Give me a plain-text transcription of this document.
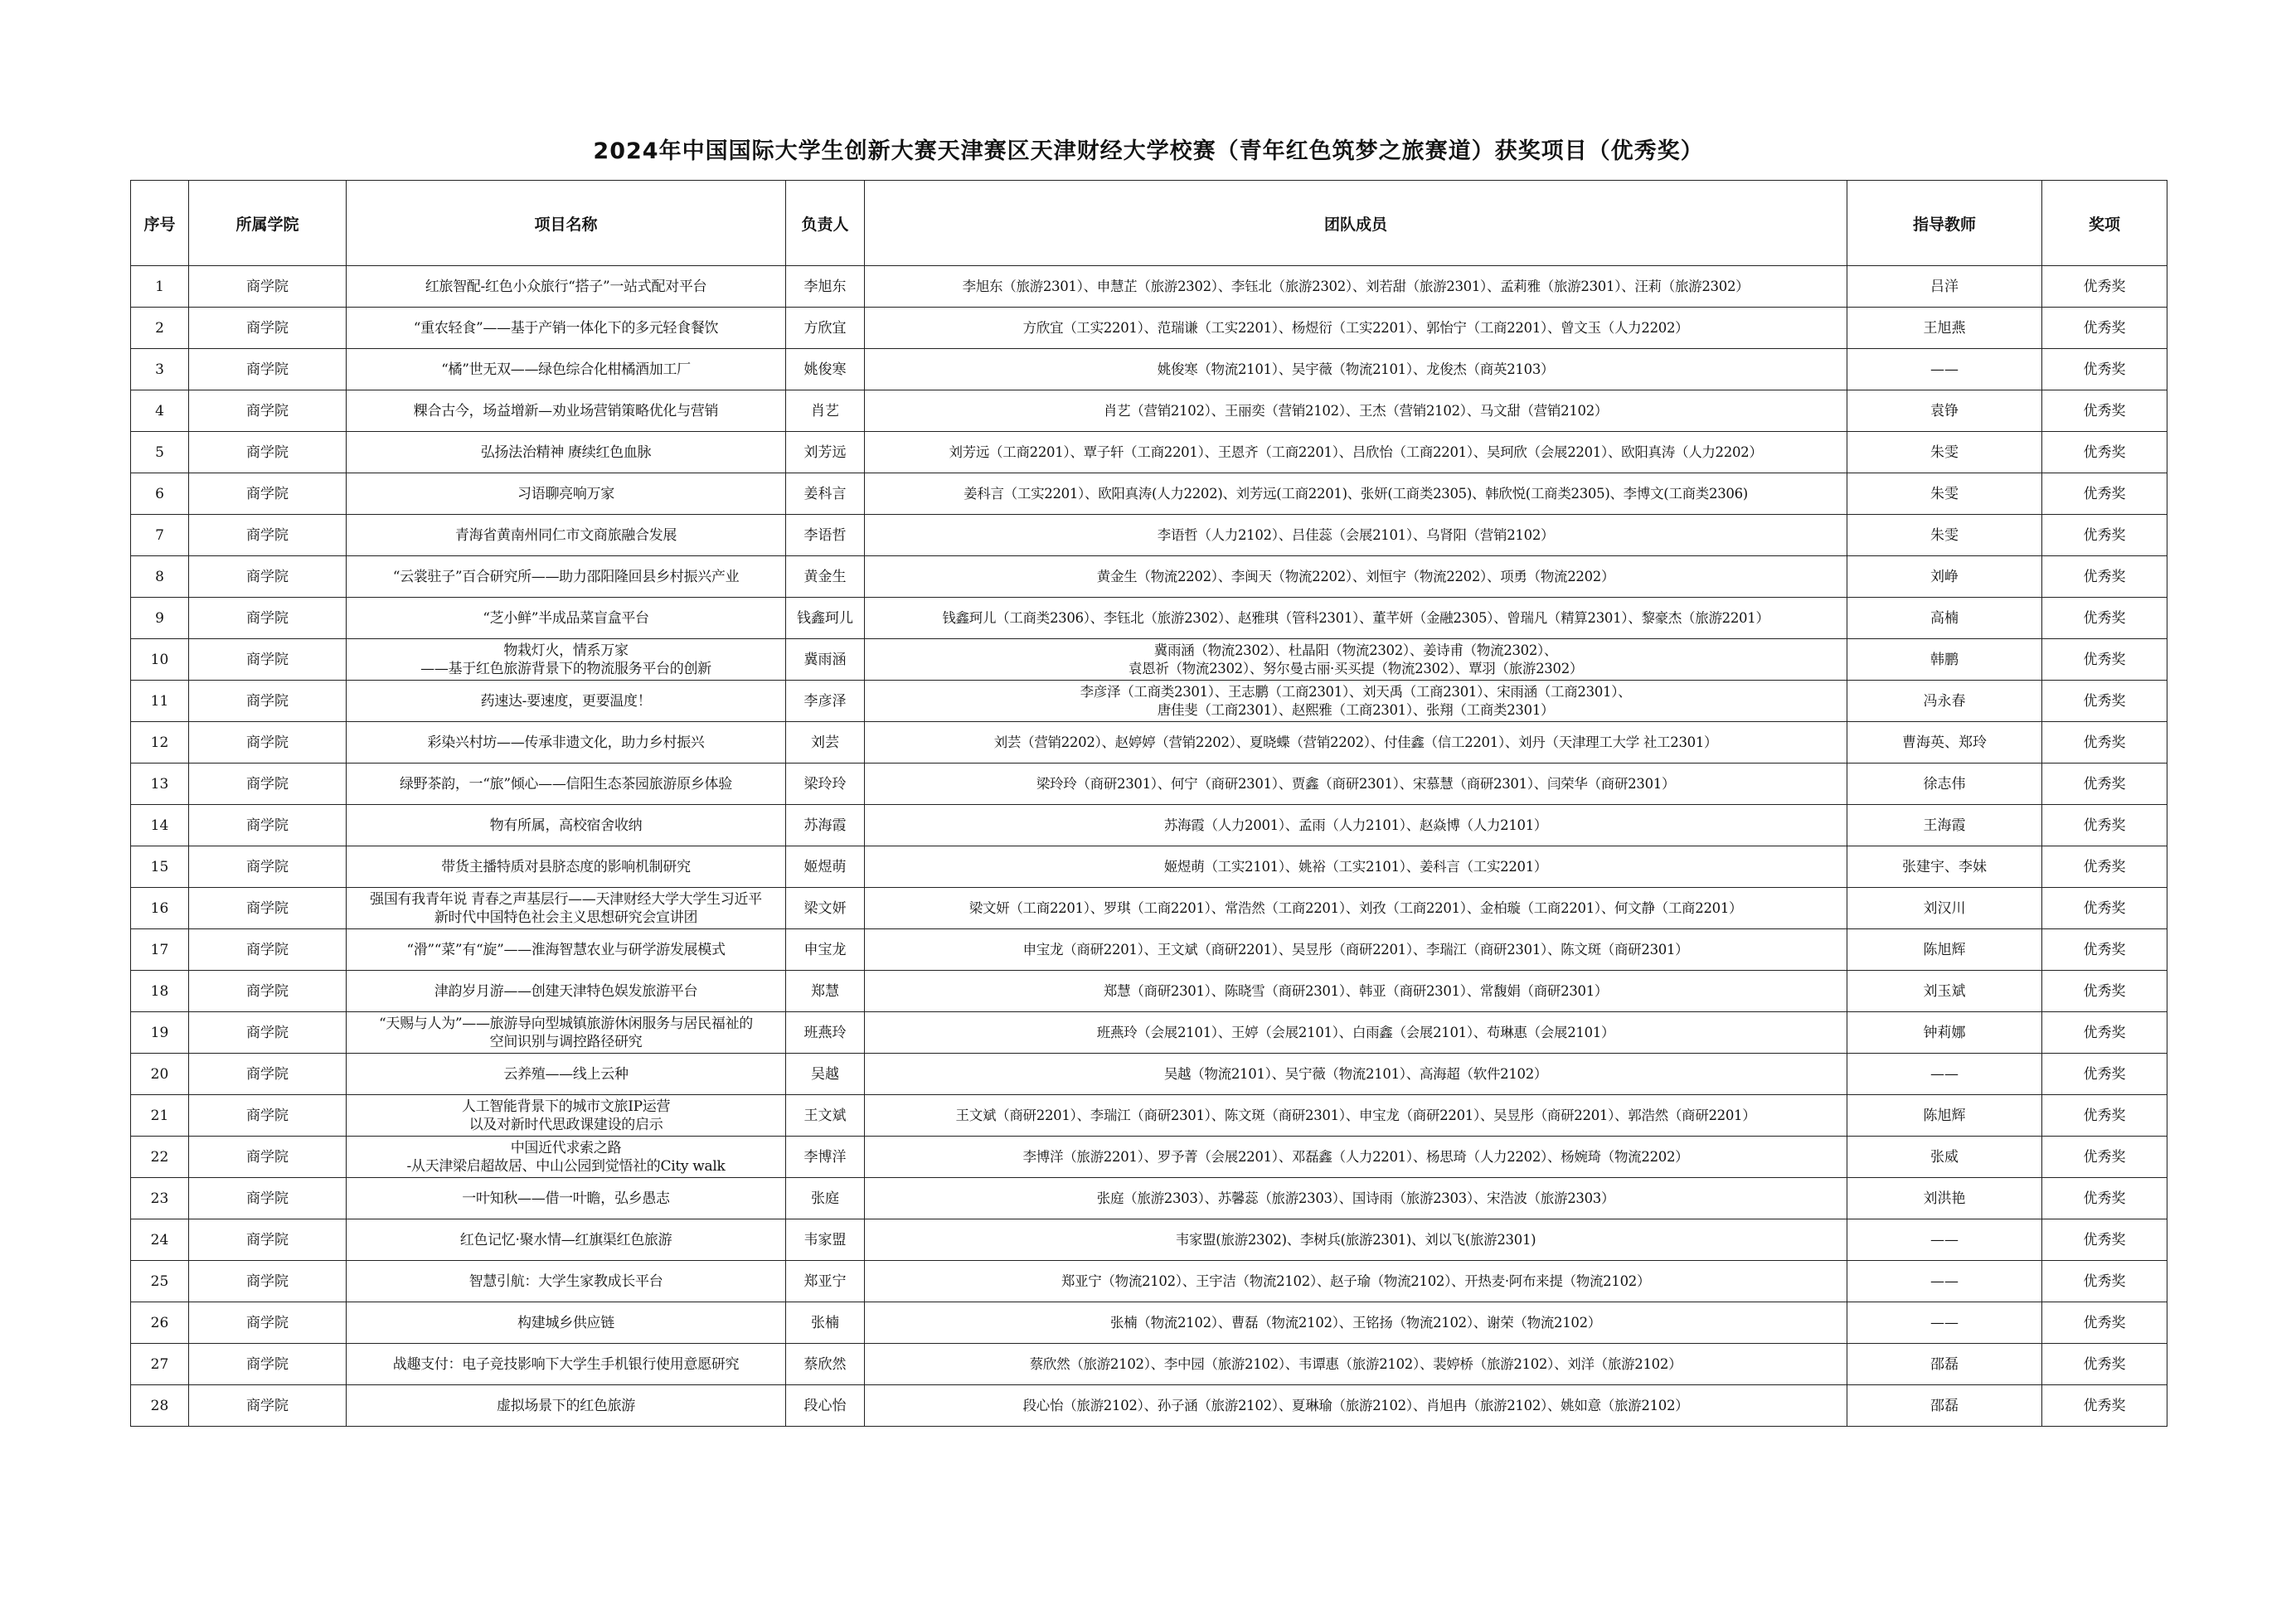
2024年中国国际大学生创新大赛天津赛区天津财经大学校赛（青年红色筑梦之旅赛道）获奖项目（优秀奖）
序号	所属学院	项目名称	负责人	团队成员	指导教师	奖项
1	商学院	红旅智配-红色小众旅行“搭子”一站式配对平台	李旭东	李旭东（旅游2301）、申慧芷（旅游2302）、李钰北（旅游2302）、刘若甜（旅游2301）、孟莉雅（旅游2301）、汪莉（旅游2302）	吕洋	优秀奖
2	商学院	“重农轻食”——基于产销一体化下的多元轻食餐饮	方欣宜	方欣宜（工实2201）、范瑞谦（工实2201）、杨煜衍（工实2201）、郭怡宁（工商2201）、曾文玉（人力2202）	王旭燕	优秀奖
3	商学院	“橘”世无双——绿色综合化柑橘酒加工厂	姚俊寒	姚俊寒（物流2101）、吴宇薇（物流2101）、龙俊杰（商英2103）	——	优秀奖
4	商学院	粿合古今，场益增新—劝业场营销策略优化与营销	肖艺	肖艺（营销2102）、王丽奕（营销2102）、王杰（营销2102）、马文甜（营销2102）	袁铮	优秀奖
5	商学院	弘扬法治精神 赓续红色血脉	刘芳远	刘芳远（工商2201）、覃子轩（工商2201）、王恩齐（工商2201）、吕欣怡（工商2201）、吴珂欣（会展2201）、欧阳真涛（人力2202）	朱雯	优秀奖
6	商学院	习语聊亮响万家	姜科言	姜科言（工实2201）、欧阳真涛(人力2202)、刘芳远(工商2201)、张妍(工商类2305)、韩欣悦(工商类2305)、李博文(工商类2306)	朱雯	优秀奖
7	商学院	青海省黄南州同仁市文商旅融合发展	李语哲	李语哲（人力2102）、吕佳蕊（会展2101）、乌肾阳（营销2102）	朱雯	优秀奖
8	商学院	“云裳驻子”百合研究所——助力邵阳隆回县乡村振兴产业	黄金生	黄金生（物流2202）、李闽天（物流2202）、刘恒宇（物流2202）、项勇（物流2202）	刘峥	优秀奖
9	商学院	“芝小鲜”半成品菜盲盒平台	钱鑫珂儿	钱鑫珂儿（工商类2306）、李钰北（旅游2302）、赵雅琪（管科2301）、董芊妍（金融2305）、曾瑞凡（精算2301）、黎豪杰（旅游2201）	高楠	优秀奖
10	商学院	物栽灯火，情系万家
——基于红色旅游背景下的物流服务平台的创新	冀雨涵	冀雨涵（物流2302）、杜晶阳（物流2302）、姜诗甫（物流2302）、
袁恩祈（物流2302）、努尔曼古丽·买买提（物流2302）、覃羽（旅游2302）	韩鹏	优秀奖
11	商学院	药速达-要速度，更要温度！	李彦泽	李彦泽（工商类2301）、王志鹏（工商2301）、刘天禹（工商2301）、宋雨涵（工商2301）、
唐佳斐（工商2301）、赵熙雅（工商2301）、张翔（工商类2301）	冯永春	优秀奖
12	商学院	彩染兴村坊——传承非遗文化，助力乡村振兴	刘芸	刘芸（营销2202）、赵婷婷（营销2202）、夏晓蝶（营销2202）、付佳鑫（信工2201）、刘丹（天津理工大学 社工2301）	曹海英、郑玲	优秀奖
13	商学院	绿野茶韵，一“旅”倾心——信阳生态茶园旅游原乡体验	梁玲玲	梁玲玲（商研2301）、何宁（商研2301）、贾鑫（商研2301）、宋慕慧（商研2301）、闫荣华（商研2301）	徐志伟	优秀奖
14	商学院	物有所属，高校宿舍收纳	苏海霞	苏海霞（人力2001）、孟雨（人力2101）、赵焱博（人力2101）	王海霞	优秀奖
15	商学院	带货主播特质对县脐态度的影响机制研究	姬煜萌	姬煜萌（工实2101）、姚裕（工实2101）、姜科言（工实2201）	张建宇、李妹	优秀奖
16	商学院	强国有我青年说 青春之声基层行——天津财经大学大学生习近平
新时代中国特色社会主义思想研究会宣讲团	梁文妍	梁文妍（工商2201）、罗琪（工商2201）、常浩然（工商2201）、刘孜（工商2201）、金柏璇（工商2201）、何文静（工商2201）	刘汉川	优秀奖
17	商学院	“滑”“菜”有“旋”——淮海智慧农业与研学游发展模式	申宝龙	申宝龙（商研2201）、王文斌（商研2201）、吴昱彤（商研2201）、李瑞江（商研2301）、陈文斑（商研2301）	陈旭辉	优秀奖
18	商学院	津韵岁月游——创建天津特色娱发旅游平台	郑慧	郑慧（商研2301）、陈晓雪（商研2301）、韩亚（商研2301）、常馥娟（商研2301）	刘玉斌	优秀奖
19	商学院	“天赐与人为”——旅游导向型城镇旅游休闲服务与居民福祉的
空间识别与调控路径研究	班燕玲	班燕玲（会展2101）、王婷（会展2101）、白雨鑫（会展2101）、苟琳惠（会展2101）	钟莉娜	优秀奖
20	商学院	云养殖——线上云种	吴越	吴越（物流2101）、吴宁薇（物流2101）、高海超（软件2102）	——	优秀奖
21	商学院	人工智能背景下的城市文旅IP运营
以及对新时代思政课建设的启示	王文斌	王文斌（商研2201）、李瑞江（商研2301）、陈文斑（商研2301）、申宝龙（商研2201）、吴昱彤（商研2201）、郭浩然（商研2201）	陈旭辉	优秀奖
22	商学院	中国近代求索之路
-从天津梁启超故居、中山公园到觉悟社的City walk	李博洋	李博洋（旅游2201）、罗予菁（会展2201）、邓磊鑫（人力2201）、杨思琦（人力2202）、杨婉琦（物流2202）	张威	优秀奖
23	商学院	一叶知秋——借一叶瞻，弘乡愚志	张庭	张庭（旅游2303）、苏馨蕊（旅游2303）、国诗雨（旅游2303）、宋浩波（旅游2303）	刘洪艳	优秀奖
24	商学院	红色记忆·聚水情—红旗渠红色旅游	韦家盟	韦家盟(旅游2302)、李树兵(旅游2301)、刘以飞(旅游2301)	——	优秀奖
25	商学院	智慧引航：大学生家教成长平台	郑亚宁	郑亚宁（物流2102）、王宇洁（物流2102）、赵子瑜（物流2102）、开热麦·阿布来提（物流2102）	——	优秀奖
26	商学院	构建城乡供应链	张楠	张楠（物流2102）、曹磊（物流2102）、王铭扬（物流2102）、谢荣（物流2102）	——	优秀奖
27	商学院	战趣支付：电子竞技影响下大学生手机银行使用意愿研究	蔡欣然	蔡欣然（旅游2102）、李中园（旅游2102）、韦谭惠（旅游2102）、裴婷桥（旅游2102）、刘洋（旅游2102）	邵磊	优秀奖
28	商学院	虚拟场景下的红色旅游	段心怡	段心怡（旅游2102）、孙子涵（旅游2102）、夏琳瑜（旅游2102）、肖旭冉（旅游2102）、姚如意（旅游2102）	邵磊	优秀奖
